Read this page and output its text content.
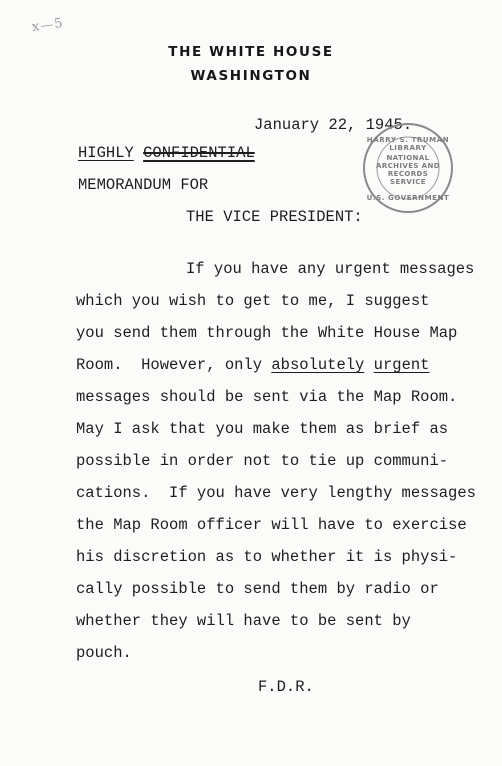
x—5
THE WHITE HOUSE
WASHINGTON
January 22, 1945.
HIGHLY CONFIDENTIAL
HARRY S. TRUMAN LIBRARY
NATIONAL
ARCHIVES AND
RECORDS
SERVICE
U.S. GOVERNMENT
MEMORANDUM FOR
THE VICE PRESIDENT:
If you have any urgent messages
which you wish to get to me, I suggest
you send them through the White House Map
Room.  However, only absolutely urgent
messages should be sent via the Map Room.
May I ask that you make them as brief as
possible in order not to tie up communi-
cations.  If you have very lengthy messages
the Map Room officer will have to exercise
his discretion as to whether it is physi-
cally possible to send them by radio or
whether they will have to be sent by
pouch.
F.D.R.
